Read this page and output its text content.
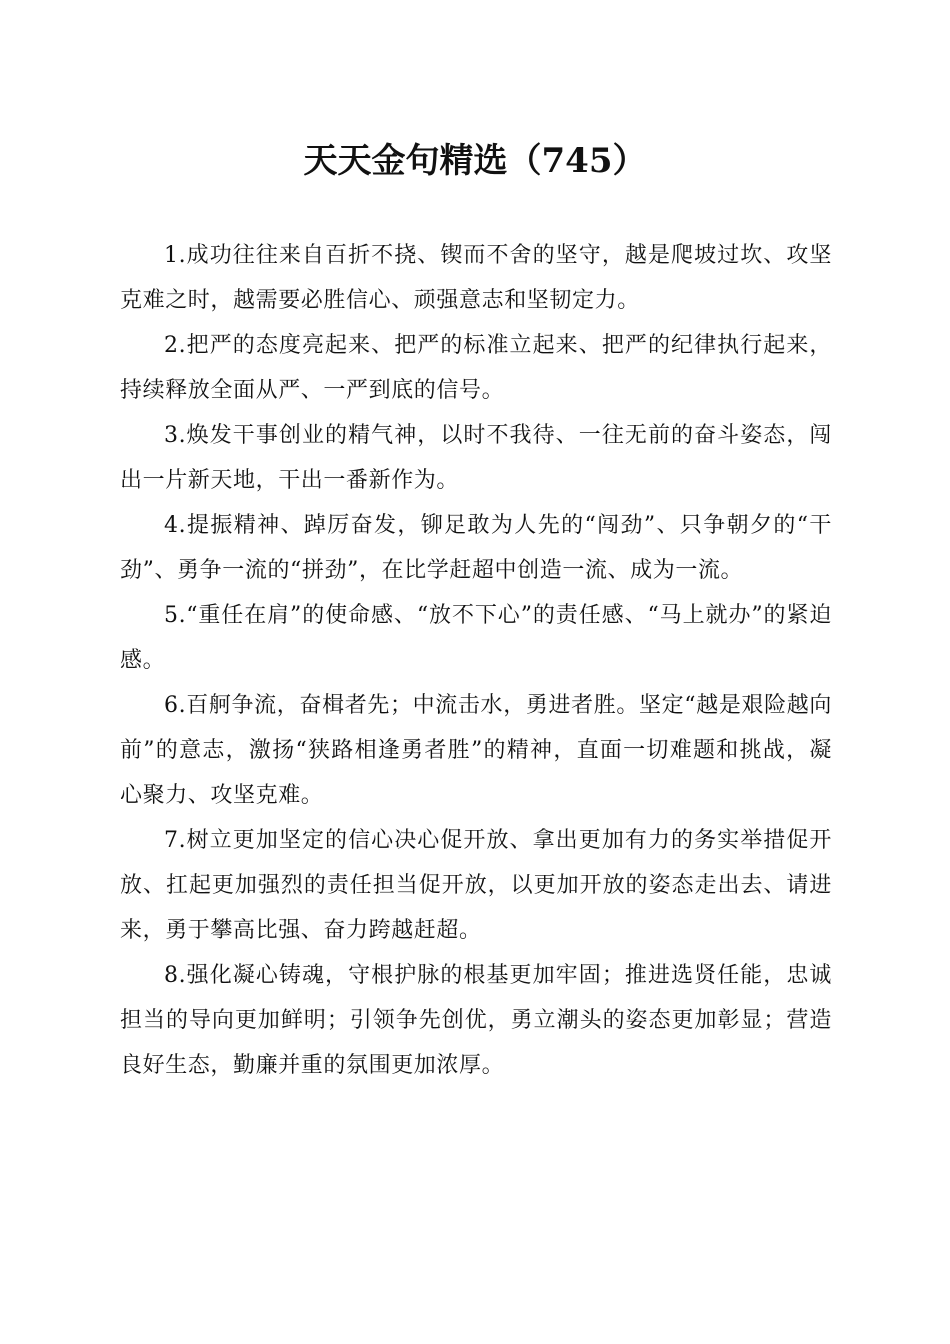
天天金句精选（745）

1.成功往往来自百折不挠、锲而不舍的坚守，越是爬坡过坎、攻坚克难之时，越需要必胜信心、顽强意志和坚韧定力。

2.把严的态度亮起来、把严的标准立起来、把严的纪律执行起来，持续释放全面从严、一严到底的信号。

3.焕发干事创业的精气神，以时不我待、一往无前的奋斗姿态，闯出一片新天地，干出一番新作为。

4.提振精神、踔厉奋发，铆足敢为人先的“闯劲”、只争朝夕的“干劲”、勇争一流的“拼劲”，在比学赶超中创造一流、成为一流。

5.“重任在肩”的使命感、“放不下心”的责任感、“马上就办”的紧迫感。

6.百舸争流，奋楫者先；中流击水，勇进者胜。坚定“越是艰险越向前”的意志，激扬“狭路相逢勇者胜”的精神，直面一切难题和挑战，凝心聚力、攻坚克难。

7.树立更加坚定的信心决心促开放、拿出更加有力的务实举措促开放、扛起更加强烈的责任担当促开放，以更加开放的姿态走出去、请进来，勇于攀高比强、奋力跨越赶超。

8.强化凝心铸魂，守根护脉的根基更加牢固；推进选贤任能，忠诚担当的导向更加鲜明；引领争先创优，勇立潮头的姿态更加彰显；营造良好生态，勤廉并重的氛围更加浓厚。
